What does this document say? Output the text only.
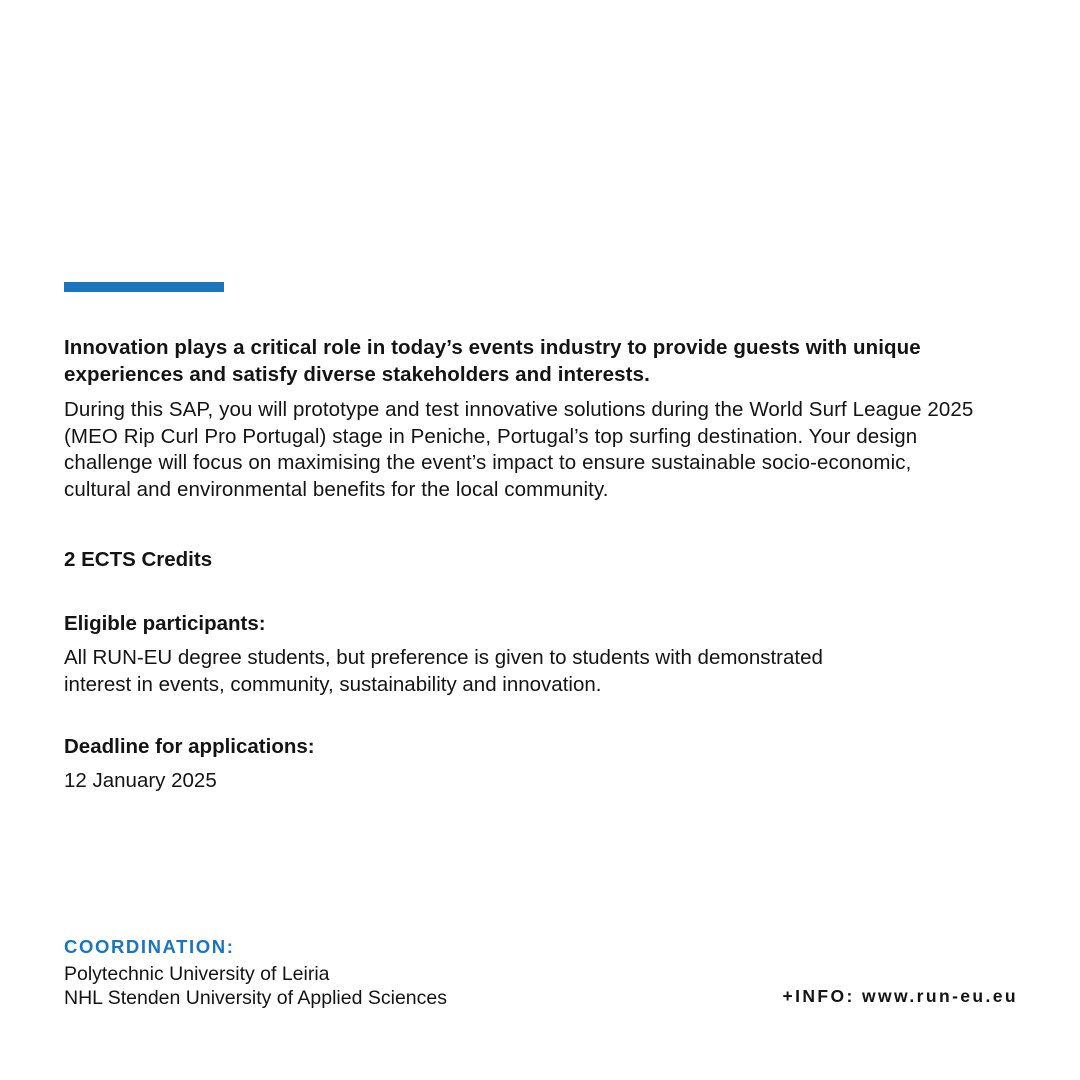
Innovation plays a critical role in today’s events industry to provide guests with unique
experiences and satisfy diverse stakeholders and interests.
During this SAP, you will prototype and test innovative solutions during the World Surf League 2025
(MEO Rip Curl Pro Portugal) stage in Peniche, Portugal’s top surfing destination. Your design
challenge will focus on maximising the event’s impact to ensure sustainable socio-economic,
cultural and environmental benefits for the local community.
2 ECTS Credits
Eligible participants:
All RUN-EU degree students, but preference is given to students with demonstrated
interest in events, community, sustainability and innovation.
Deadline for applications:
12 January 2025
COORDINATION:
Polytechnic University of Leiria
NHL Stenden University of Applied Sciences	+INFO: www.run-eu.eu
